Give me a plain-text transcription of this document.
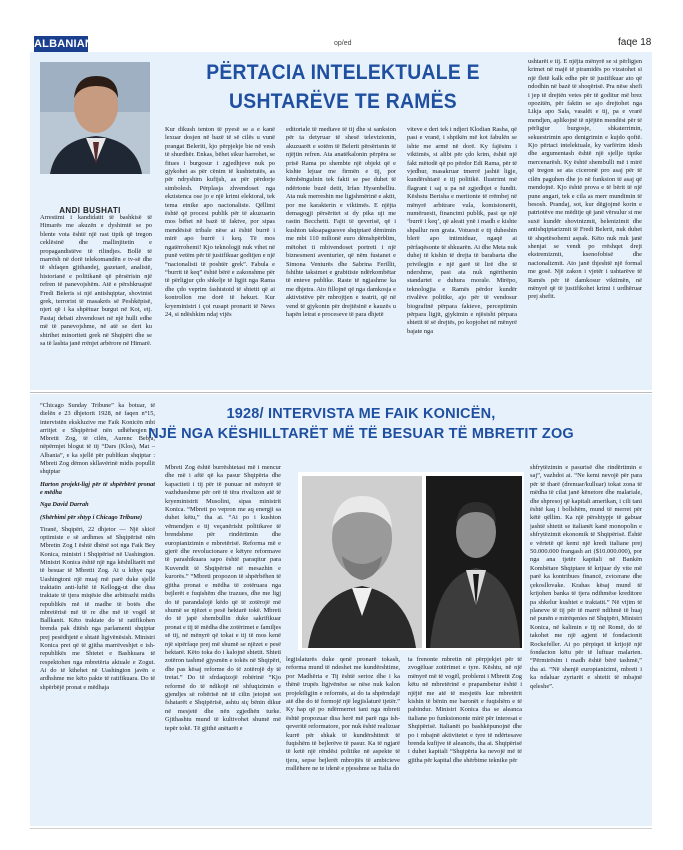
ALBANIAN	op/ed	faqe 18
ANDI BUSHATI
PËRTACIA INTELEKTUALE E
USHTARËVE TE RAMËS
Arrestimi i kandidatit të bashkisë të Himarës me akuzën e dyshimtë se po blente vota është një rast tipik që tregon ceklësinë dhe mallinjitetin e propagandistëve të rilindjes. Bollë të marrësh në dorë telekomandën e tv-së dhe të shfaqen gjithandej, gazetarë, analistë, historianë e politikanë që përsërisin një refren të panevojshëm. Atë e përshkruajnë Fredi Beleris si një antishqiptar, shovinist grek, terrorist të masakrës së Peshkëpisë, njeri që i ka shpëtuar burgut në Kot, etj. Pastaj debati zhvendoset në një hulli edhe më të panevojshme, në atë se deri ku shtrihet minoriteti grek në Shqipëri dhe se sa të lashta janë rrënjet arbërore në Himarë.
Kur dikush tenton të pyesë se a e kanë lexuar dosjen në bazë të së cilës u vunë prangat Beleriti, kjo përpjekje bie në vesh të shurdhër. Enkas, bëhet sikur harrohet, se fitues i burgosur i zgjedhjeve nuk po gjykohet as për cënim të kushtetutës, as për ndryshim kufijsh, as për përdorje simbolesh. Përplasja zhvendoset nga ekzistenca ose jo e një krimi elektoral, tek tema etnike apo nacionaliste. Qëllimi është që procesi publik për të akuzuarin mos bëhet në bazë të faktve, por sipas mendësisë tribale nëse ai është burrë i mirë apo burrë i keq. Të mos ngatërrohemi! Kjo teknologji nuk vihet në punë vetëm për të justifikuar goditjen e një “nacionalisti të poshtër grek”. Fabula e “burrit të keq” është bërë e zakonshme për të përligjur çdo shkelje të ligjit nga Rama dhe çdo veprim fashistoid të shtetit që ai kontrollon me dorë të hekurt. Kur kryeministri i çoi rusapt pronarit të News 24, si ndëshkim ndaj vijës
editoriale të mediave të tij dhe si sanksion për ta detyruar të shesë televizionin, akuzuarët e sotëm të Belerit përsërisnin të njëjtin refren. Ata anatëkalonin përpëra se prisë Rama po shembte një objekt që e kishte lejuar me firmën e tij, por këmbëngulnin tek fakti se pse duhet të ndërtonte buzë detit, Irfan Hysenbelliu. Ata nuk merreshin me ligjshmërinë e aktit, por me karakterin e viktimës. E njëjta demagogji përsëritet si dy pika uji me rastin Becchetti. Fajit të qeverisë, që i kushton taksapaguesve shqiptarë dëmimin me mbi 110 milionë euro dëmshpërblim, mëtohet ti mbivendoset portreti i një biznesmeni aventurier, që nëm fustanet e Simona Venturës dhe Sabrina Ferillit, fshihte taksimet e grabitiste ndërkombëtar të enteve publike. Raste të ngjashme ka me dhjetra. Ato fillojnë që nga damkosja e aktivistëve për mbrojtjen e teatrit, që në vend të gjykonin për drejtësinë e kauzës u hapën letrat e proceseve të para dhjetë
viteve e deri tek i ndjeri Klodian Rasha, që pasi e vranë, i shpikën më kot fabulën se ishte me armë në dorë. Ky fajësim i viktimës, si alibi për çdo krim, është një fakt mëtodë që po përdor Edi Rama, për të vjedhur, masakruar tmerrë jashtë ligje, kundërshtarë e tij politikë. Ilustrimi më flagrant i saj u pa në zgjedhjet e fundit. Këshstu Berisha e meritonte të rrëmbej në mënyrë arbitrare vula, komisionerët, numëruesit, financimi publik, pasi qe një ‘burrë i keq’, që aleati ynë i madh e kishte shpallur non grata. Votuesit e tij duheshin blerë apo intimiduar, ngaqë ai përfaqësonte të shkuarën. Ai dhe Meta nuk duhej të kishin të drejta të barabarta dhe privilegjin e një garë të lirë dhe të ndershme, pasi ata nuk ngërthenin standartet e duhura morale. Mirëpo, teknologjia e Ramës përdor kundër rivalëve politike, ajo për të vendosur biografinë përpara fakteve, perceptimin përpara ligjit, gjykimin e njësisht përpara shtetit të së drejtës, po kopjohet në mënyrë bajate nga
ushtarët e tij. E njëjta mënyrë se si përligjen krimet në majë të piramidës po vizatohet si një fletë kalk edhe për të justifikuar ato që ndodhin në bazë të shoqërisë. Pra nëse shefi i jep të drejtën vetes për të goditur më brez opozitën, për faktin se ajo drejtohet nga Likja apo Sala, vasalët e tij, pa e vrarë mendjen, aplikojnë të njëjtën mendësi për të përligjur burgosje, shkaterrimin, sekuestrimin apo denigrimin e kujdo qoftë. Kjo përtaci intelektuale, ky varfërim idesh dhe argumentash është një sjellje tipike mercenarësh. Ky është shembulli më i mirë që tregon se ata ciceronë pro asaj për të cilën paguhen dhe jo në funksion të asaj që mendojnë. Kjo është prova e të bërit të një pune angari, tek e cila as merr mundimin të besosh. Prandaj, sot, kur dëgjojmë korin e patriotëve me mëditje që janë vërsulur si me suxë kundër shovinizmit, helenizimit dhe antishqiptarizmit të Fredi Belerit, nuk duhet të shqetësohemi aspak. Këto nuk nuk janë shenjat se vendi po rrëshqet drejt ekstremizmit, ksenofobisë dhe nacionalizmit. Ato janë thjeshtë një formal me gosë. Një zakon i vjetër i ushtarëve të Ramës për të damkosur viktimën, në mënyrë që të justifikohet krimi i urdhëruar prej shefit.

“Chicago Sunday Tribune” ka botuar, të dielën e 23 dhjetorit 1928, në faqen n°15, intervistën ekskluzive me Faik Konicën mbi arritjet e Shqipërisë nën udhëheqjen e Mbretit Zog, të cilën, Aurenc Bebja, nëpërmjet blogut të tij “Dars (Klos), Mat – Albania”, e ka sjellë për publikun shqiptar : Mbreti Zog dëmon skllavërinë midis popullit shqiptar

Harton projekt-ligj për të shpërbërë pronat e mëdha

Nga David Darrah

(Shërbimi për shtyp i Chicago Tribune)

Tiranë, Shqipëri, 22 dhjetor — Një skicë optimiste e së ardhmes së Shqipërisë nën Mbretin Zog I është dhënë sot nga Faik Bey Konica, ministri i Shqipërisë në Uashington. Ministri Konica është një nga këshilltarët më të besuar të Mbretit Zog. Ai u kthye nga Uashingtoni një muaj më parë duke sjellë traktatin anti-luftë të Kellogg-ut dhe disa traktate të tjera miqësie dhe arbitrazhi midis republikës më të madhe të botës dhe mbretërisë më të re dhe më të vogël të Ballkanit. Këto traktate do të ratifikohen brenda pak ditësh nga parlamenti shqiptar prej pesëdhjetë e shtatë ligjvënësish. Ministri Konica pret që të gjitha marrëveshjet e ish-republikës me Shtetet e Bashkuara të respektohen nga mbretëria aktuale e Zogut. Ai do të kthehet në Uashington javën e ardhshme me këto pakte të ratifikuara. Do të shpërbëjë pronat e mëdhaja

1928/ INTERVISTA ME FAIK KONICËN,
NJË NGA KËSHILLTARËT MË TË BESUAR TË MBRETIT ZOG
Mbreti Zog është burrështetasi më i mencur dhe më i aftë që ka pasur Shqipëria dhe kapaciteti i tij për të punuar në mënyrë të vazhdueshme për orë të tëra rivalizon atë të kryeministrit Musolini, sipas ministrit Konica. “Mbreti po vepron me aq energji sa duhet këtu,” tha ai. “Ai po i kushton vëmendjen e tij veçanërisht politikave të brendshme për rindërtimin dhe europianizimin e mbretërisë. Reforma më e gjerë dhe revolucionare e këtyre reformave të parashikuara sapo është paraqitur para Kuvendit të Shqipërisë në mesazhin e kurorës.” “Mbreti propozon të shpërbëhen të gjitha pronat e mëdha të zotëruara nga bejlerët e fuqishëm dhe trazues, dhe me ligj do të parandalojë këdo që të zotërojë më shumë se njëzet e pesë hektarë tokë. Mbreti do të japë shembullin duke sakrifikuar pronat e tij të mëdha dhe zotërimet e familjes së tij, në mënyrë që tokat e tij të mos kenë një sipërfaqe prej më shumë se njëzet e pesë hektarë. Këto toka do i kalojnë shtetit. Shteti zotëron tashmë gjysmën e tokës në Shqipëri, dhe pas kësaj reforme do të zotërojë dy të tretat.” Do të sfrdaqizojë robërinë “Kjo reformë do të ndikojë në shfuqizimin e gjendjes së robërisë në të cilin jetojnë sot fshatarët e Shqipërisë, ashtu siç bënin dikur në mesjetë dhe nën zgjedhën turke. Gjithashtu mund të kultivohet shumë më tepër tokë. Të gjithë anëtarët e
legjislaturës duke qenë pronarë tokash, reforma mund të ndeshet me kundërshtime, por Madhëria e Tij është serioz dhe i ka thënë trupës ligjvënëse se nëse nuk kalon projektligjin e reformës, ai do ta shpërndajë atë dhe do të formojë një legjislaturë tjetër.” Ky hap që po ndërmerret tani nga mbreti është propozuar disa herë më parë nga ish-qeveritë reformatore, por nuk është realizuar kurrë për shkak të kundërshtimit të fuqishëm të bejlerëve të pasur. Ka të ngjarë të ketë një rëndësi politike në aspekte të tjera, sepse bejlerët mbrojtës të ambicieve rrallëhere ne te idenë e pjesshme se Italia do
ta frenonte mbretin në përpjekjet për të zvogëluar zotërimet e tyre. Kështu, në një mënyrë më të vogël, problemi i Mbretit Zog këtu në mbretërinë e prapambetur është i njëjtë me atë të mesjetës kur mbretërit kishin të bënin me baronët e fuqishëm e të pabindur. Ministri Konica tha se aleanca italiane po funksiononte mirë për interesat e Shqipërisë. Italianët po bashkëpunojnë dhe po i mbajnë aktivitetet e tyre të ndërtesave brenda kufijve të aleancës, tha ai. Shqipërisë i duhet kapitali “Shqipëria ka nevojë më të gjitha për kapital dhe shërbime teknike për
shfrytëzimin e pasurisë dhe rindërtimin e saj”, vazhdoi ai. “Ne kemi nevojë për para për të tharë (drenuar/kulluar) tokat zona të mëdha të cilat janë kënetore dhe malariale, dhe shpresoj që kapitali amerikan, i cili tani është kaq i bollshëm, mund të merret për këtë qëllim. Ka një përshtypje të gabuar jashtë shtetit se italianët kanë monopolin e shfrytëzimit ekonomik të Shqipërisë. Është e vërtetë që kemi një kredi italiane prej 50.000.000 frangash ari ($10.000.000), por nga ana tjetër kapitali në Bankën Kombëtare Shqiptare të krijuar dy vite më parë ka kontribues financë, zvicerane dhe çekosllovake. Krahas kësaj mund të krijohen banka të tjera ndihmëse kreditore pa shkelur kushtet e traktatit.” Në vijim të planeve të tij për të marrë ndihmë të huaj në punën e mirëqenies në Shqipëri, Ministri Konica, në kalimin e tij në Romë, do të takohet me një agjent të fondacionit Rockefeller. Ai po përpiqet të krijojë një fondacion këtu për të luftuar malarien. “Përmirësim i madh është bërë tashmë,” tha ai. “Në shenjë europianizimi, mbreti i ka ndaluar zyrtarët e shtetit të mbajnë qeleshe”.
